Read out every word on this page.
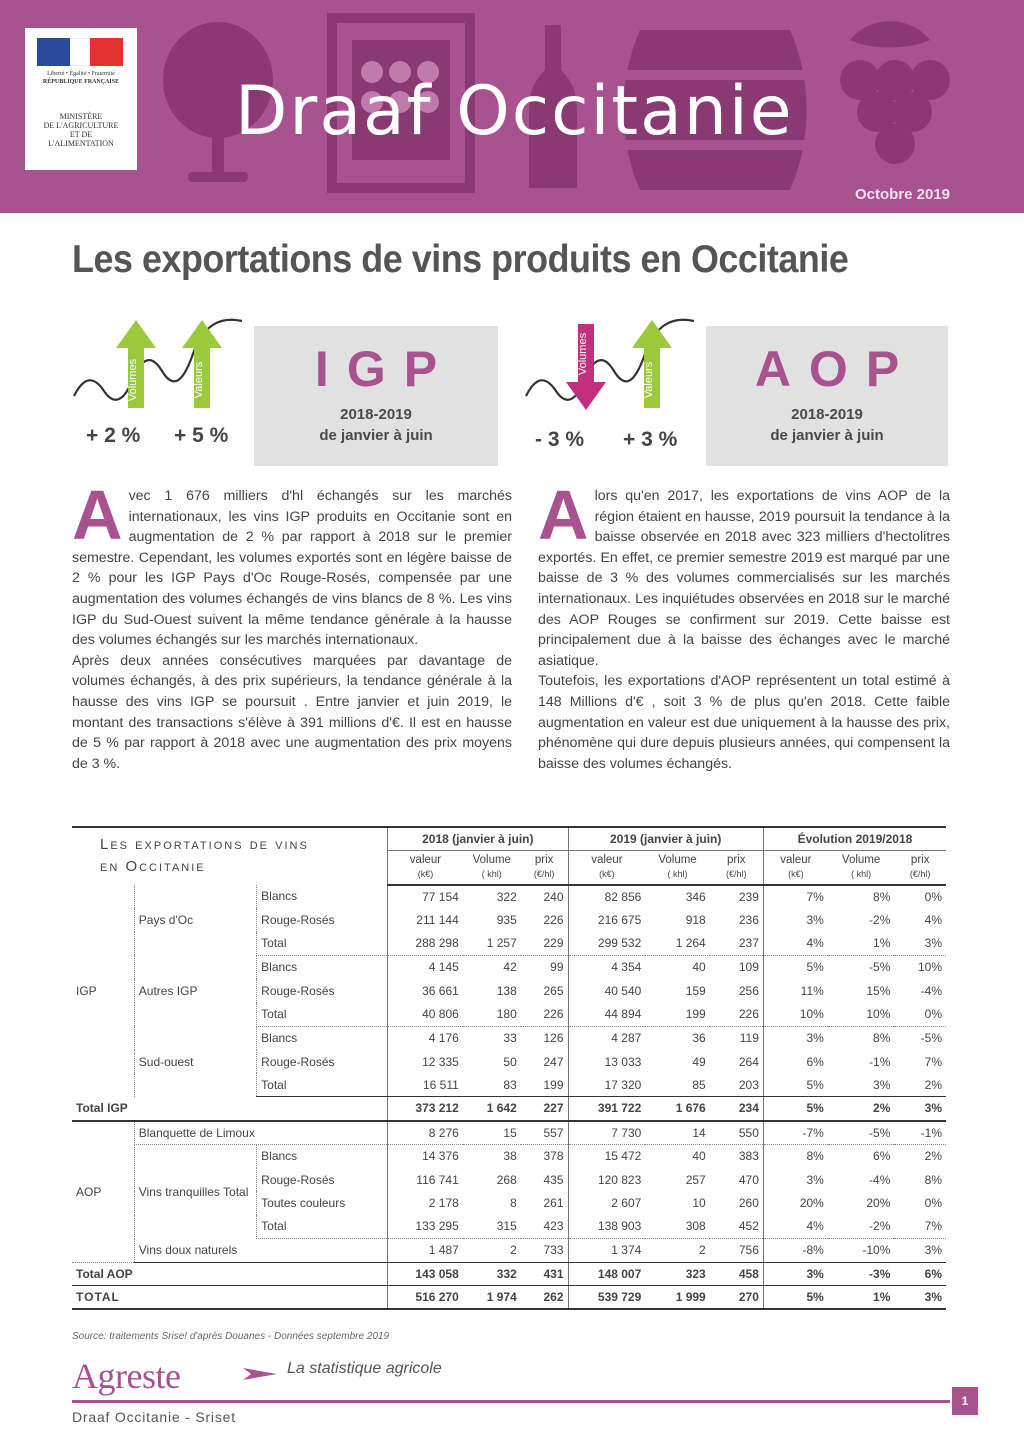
Liberté • Égalité • Fraternité
RÉPUBLIQUE FRANÇAISE
MINISTÈRE
DE L'AGRICULTURE
ET DE
L'ALIMENTATION Draaf Occitanie
Octobre 2019
Les exportations de vins produits en Occitanie
Volumes	Valeurs
+ 2 % + 5 %
IGP
2018-2019
de janvier à juin
Volumes
Valeurs
- 3 % + 3 %
AOP
2018-2019
de janvier à juin
A vec 1 676 milliers d'hl échangés sur les marchés internationaux, les vins IGP produits en Occitanie sont en augmentation de 2 % par rapport à 2018 sur le premier semestre. Cependant, les volumes exportés sont en légère baisse de 2 % pour les IGP Pays d'Oc Rouge-Rosés, compensée par une augmentation des volumes échangés de vins blancs de 8 %. Les vins IGP du Sud-Ouest suivent la même tendance générale à la hausse des volumes échangés sur les marchés internationaux.

Après deux années consécutives marquées par davantage de volumes échangés, à des prix supérieurs, la tendance générale à la hausse des vins IGP se poursuit . Entre janvier et juin 2019, le montant des transactions s'élève à 391 millions d'€. Il est en hausse de 5 % par rapport à 2018 avec une augmentation des prix moyens de 3 %.

A lors qu'en 2017, les exportations de vins AOP de la région étaient en hausse, 2019 poursuit la tendance à la baisse observée en 2018 avec 323 milliers d'hectolitres exportés. En effet, ce premier semestre 2019 est marqué par une baisse de 3 % des volumes commercialisés sur les marchés internationaux. Les inquiétudes observées en 2018 sur le marché des AOP Rouges se confirment sur 2019. Cette baisse est principalement due à la baisse des échanges avec le marché asiatique.

Toutefois, les exportations d'AOP représentent un total estimé à 148 Millions d'€ , soit 3 % de plus qu'en 2018. Cette faible augmentation en valeur est due uniquement à la hausse des prix, phénomène qui dure depuis plusieurs années, qui compensent la baisse des volumes échangés.

Les exportations de vins
en Occitanie			2018 (janvier à juin)			2019 (janvier à juin)			Évolution 2019/2018		
			valeur
(k€)	Volume
( khl)	prix
(€/hl)	valeur
(k€)	Volume
( khl)	prix
(€/hl)	valeur
(k€)	Volume
( khl)	prix
(€/hl)

IGP	Pays d'Oc	Blancs	77 154	322	240	82 856	346	239	7%	8%	0%
		Rouge-Rosés	211 144	935	226	216 675	918	236	3%	-2%	4%
		Total	288 298	1 257	229	299 532	1 264	237	4%	1%	3%
	Autres IGP	Blancs	4 145	42	99	4 354	40	109	5%	-5%	10%
		Rouge-Rosés	36 661	138	265	40 540	159	256	11%	15%	-4%
		Total	40 806	180	226	44 894	199	226	10%	10%	0%
	Sud-ouest	Blancs	4 176	33	126	4 287	36	119	3%	8%	-5%
		Rouge-Rosés	12 335	50	247	13 033	49	264	6%	-1%	7%
		Total	16 511	83	199	17 320	85	203	5%	3%	2%
Total IGP			373 212	1 642	227	391 722	1 676	234	5%	2%	3%
AOP	Blanquette de Limoux		8 276	15	557	7 730	14	550	-7%	-5%	-1%
	Vins tranquilles Total	Blancs	14 376	38	378	15 472	40	383	8%	6%	2%
		Rouge-Rosés	116 741	268	435	120 823	257	470	3%	-4%	8%
		Toutes couleurs	2 178	8	261	2 607	10	260	20%	20%	0%
		Total	133 295	315	423	138 903	308	452	4%	-2%	7%
	Vins doux naturels		1 487	2	733	1 374	2	756	-8%	-10%	3%
Total AOP			143 058	332	431	148 007	323	458	3%	-3%	6%
TOTAL			516 270	1 974	262	539 729	1 999	270	5%	1%	3%
Source: traitements Srise! d'après Douanes - Données septembre 2019
Agreste	La statistique agricole
1
Draaf Occitanie - Sriset
